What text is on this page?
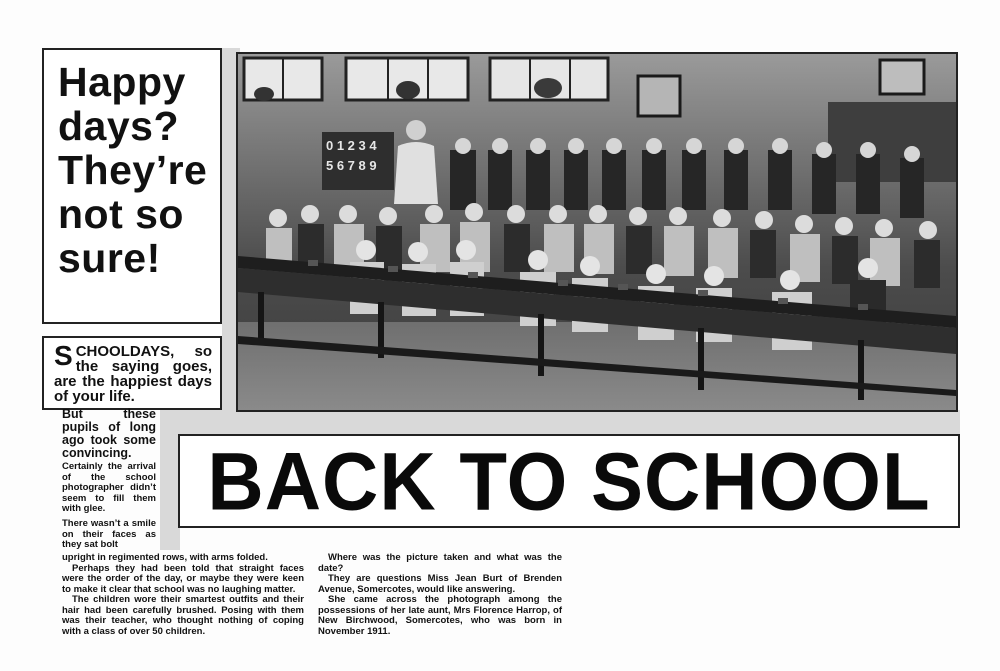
Happy

days?

They’re

not so

sure!

SCHOOLDAYS, so the saying goes, are the happiest days of your life.

But these pupils of long ago took some convincing.

Certainly the arrival of the school photographer didn’t seem to fill them with glee.

There wasn’t a smile on their faces as they sat bolt

upright in regimented rows, with arms folded.

Perhaps they had been told that straight faces were the order of the day, or maybe they were keen to make it clear that school was no laughing matter.

The children wore their smartest outfits and their hair had been carefully brushed. Posing with them was their teacher, who thought nothing of coping with a class of over 50 children.

Where was the picture taken and what was the date?

They are questions Miss Jean Burt of Brenden Avenue, Somercotes, would like answering.

She came across the photograph among the possessions of her late aunt, Mrs Florence Harrop, of New Birchwood, Somercotes, who was born in November 1911.

0 1 2 3 4
5 6 7 8 9
BACK TO SCHOOL
